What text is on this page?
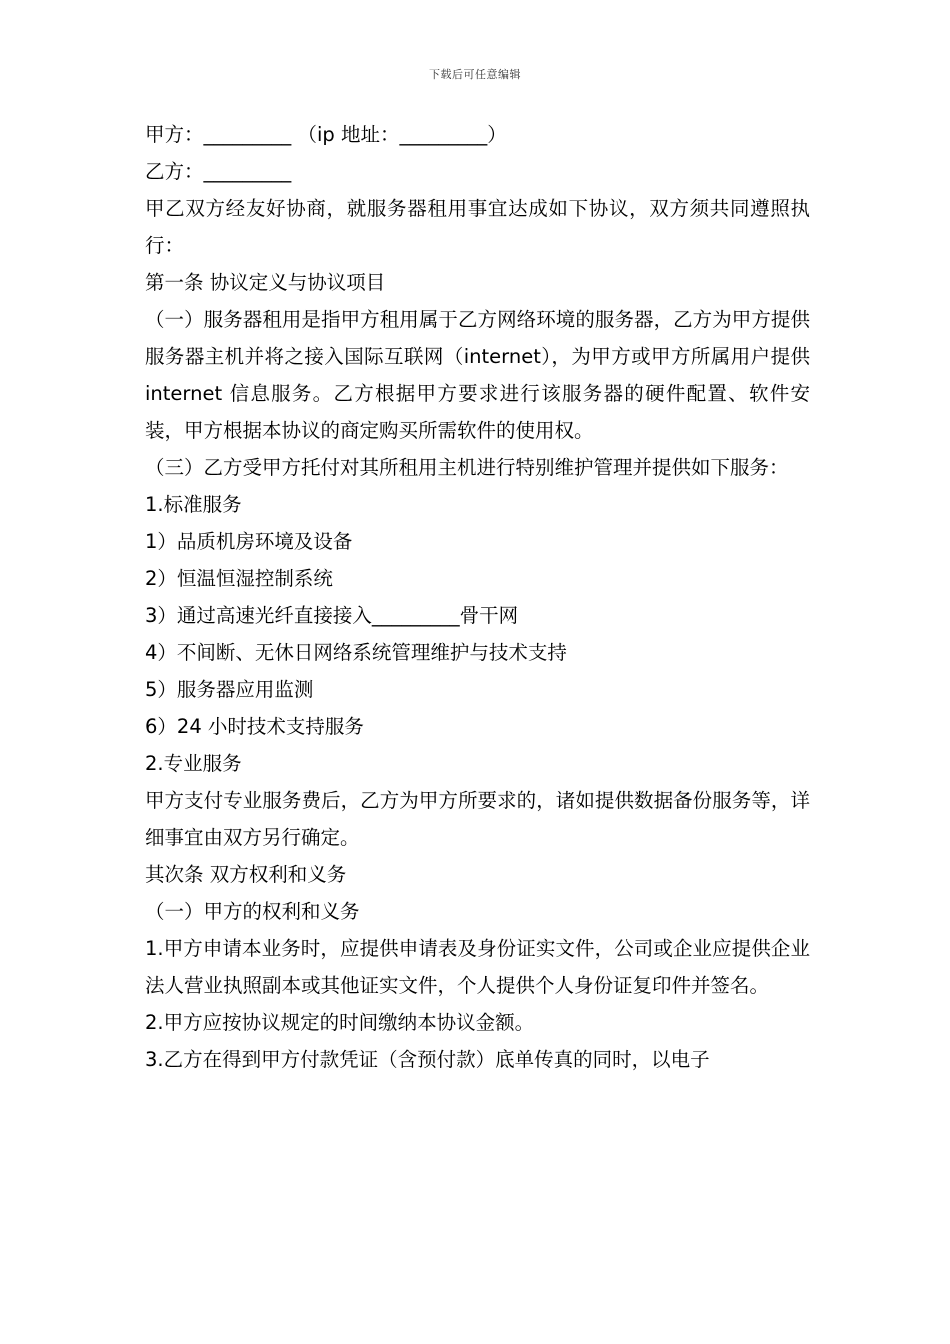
下载后可任意编辑
甲方：_________ （ip 地址：_________）
乙方：_________
甲乙双方经友好协商，就服务器租用事宜达成如下协议，双方须共同遵照执行：
第一条 协议定义与协议项目
（一）服务器租用是指甲方租用属于乙方网络环境的服务器，乙方为甲方提供服务器主机并将之接入国际互联网（internet），为甲方或甲方所属用户提供 internet 信息服务。乙方根据甲方要求进行该服务器的硬件配置、软件安装，甲方根据本协议的商定购买所需软件的使用权。
（三）乙方受甲方托付对其所租用主机进行特别维护管理并提供如下服务：
1.标准服务
1）品质机房环境及设备
2）恒温恒湿控制系统
3）通过高速光纤直接接入_________骨干网
4）不间断、无休日网络系统管理维护与技术支持
5）服务器应用监测
6）24 小时技术支持服务
2.专业服务
甲方支付专业服务费后，乙方为甲方所要求的，诸如提供数据备份服务等，详细事宜由双方另行确定。
其次条 双方权利和义务
（一）甲方的权利和义务
1.甲方申请本业务时，应提供申请表及身份证实文件，公司或企业应提供企业法人营业执照副本或其他证实文件，个人提供个人身份证复印件并签名。
2.甲方应按协议规定的时间缴纳本协议金额。
3.乙方在得到甲方付款凭证（含预付款）底单传真的同时，以电子
